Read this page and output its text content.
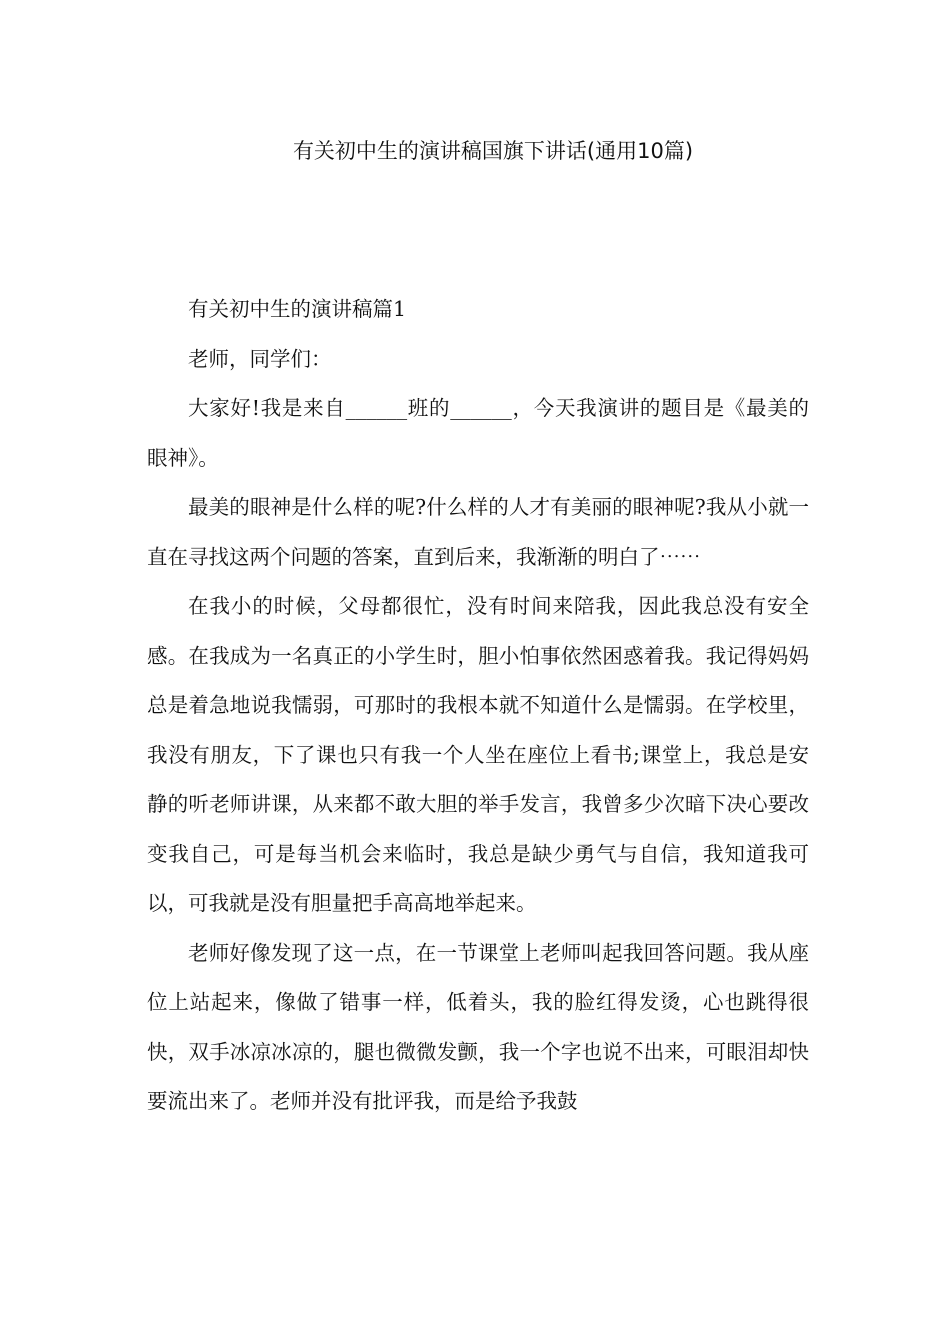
有关初中生的演讲稿国旗下讲话(通用10篇)

有关初中生的演讲稿篇1

老师，同学们：

大家好!我是来自______班的______，今天我演讲的题目是《最美的眼神》。

最美的眼神是什么样的呢?什么样的人才有美丽的眼神呢?我从小就一直在寻找这两个问题的答案，直到后来，我渐渐的明白了⋯⋯

在我小的时候，父母都很忙，没有时间来陪我，因此我总没有安全感。在我成为一名真正的小学生时，胆小怕事依然困惑着我。我记得妈妈总是着急地说我懦弱，可那时的我根本就不知道什么是懦弱。在学校里，我没有朋友，下了课也只有我一个人坐在座位上看书;课堂上，我总是安静的听老师讲课，从来都不敢大胆的举手发言，我曾多少次暗下决心要改变我自己，可是每当机会来临时，我总是缺少勇气与自信，我知道我可以，可我就是没有胆量把手高高地举起来。

老师好像发现了这一点，在一节课堂上老师叫起我回答问题。我从座位上站起来，像做了错事一样，低着头，我的脸红得发烫，心也跳得很快，双手冰凉冰凉的，腿也微微发颤，我一个字也说不出来，可眼泪却快要流出来了。老师并没有批评我，而是给予我鼓
